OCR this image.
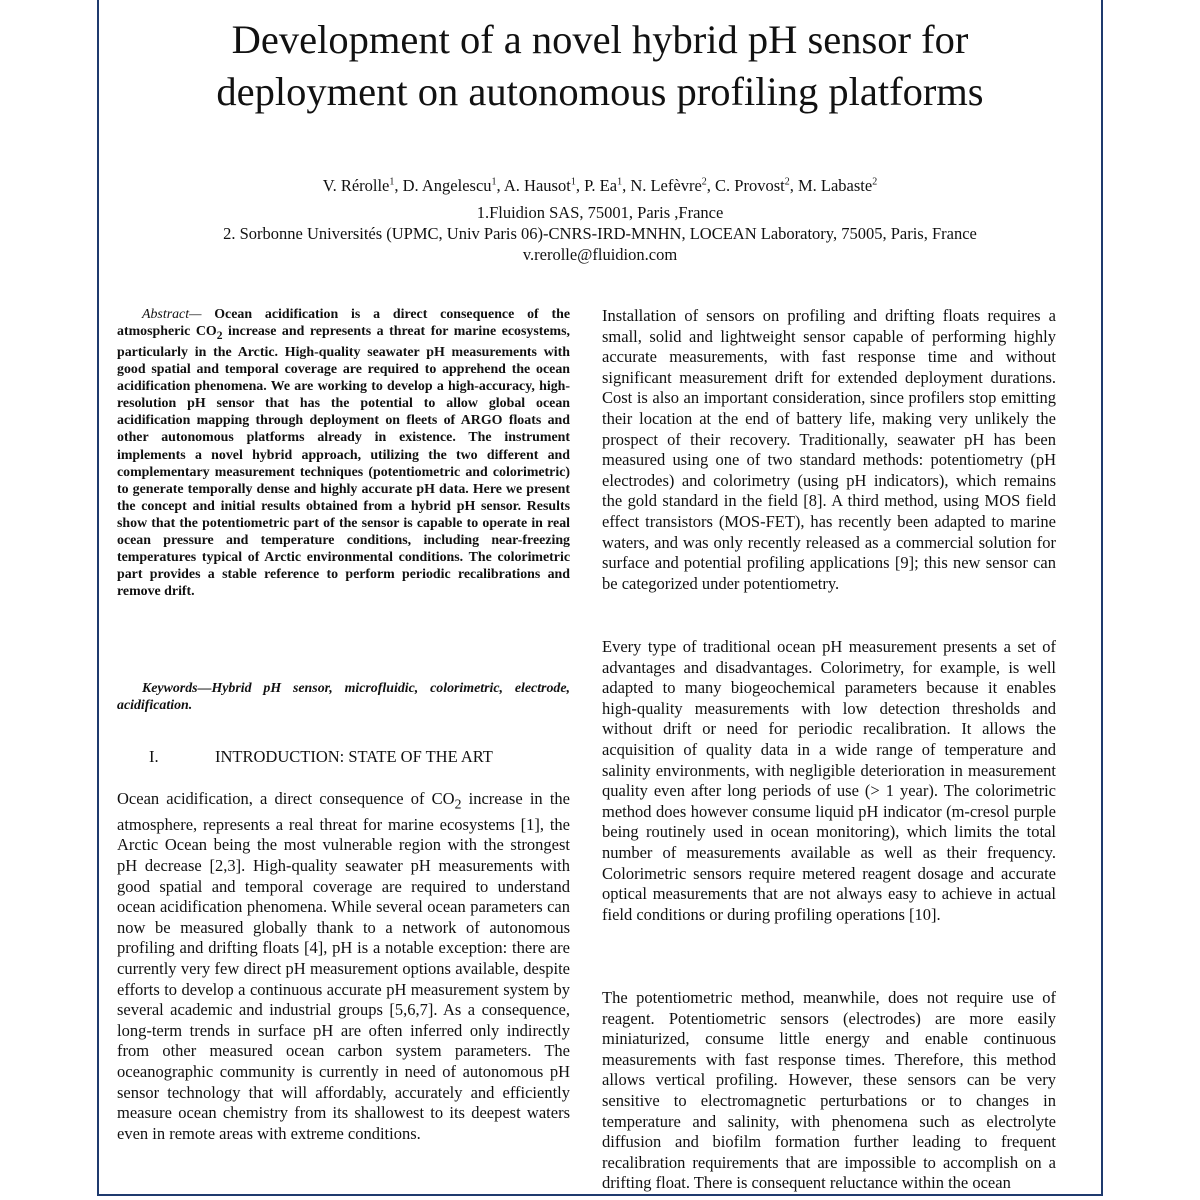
Development of a novel hybrid pH sensor for
deployment on autonomous profiling platforms
V. Rérolle$^1$, D. Angelescu$^1$, A. Hausot$^1$, P. Ea$^1$, N. Lefèvre$^2$, C. Provost$^2$, M. Labaste$^2$
1.Fluidion SAS, 75001, Paris ,France
2. Sorbonne Universités (UPMC, Univ Paris 06)-CNRS-IRD-MNHN, LOCEAN Laboratory, 75005, Paris, France
v.rerolle@fluidion.com

Abstract— Ocean acidification is a direct consequence of the atmospheric $CO_2$ increase and represents a threat for marine ecosystems, particularly in the Arctic. High-quality seawater pH measurements with good spatial and temporal coverage are required to apprehend the ocean acidification phenomena. We are working to develop a high-accuracy, high-resolution pH sensor that has the potential to allow global ocean acidification mapping through deployment on fleets of ARGO floats and other autonomous platforms already in existence. The instrument implements a novel hybrid approach, utilizing the two different and complementary measurement techniques (potentiometric and colorimetric) to generate temporally dense and highly accurate pH data. Here we present the concept and initial results obtained from a hybrid pH sensor. Results show that the potentiometric part of the sensor is capable to operate in real ocean pressure and temperature conditions, including near-freezing temperatures typical of Arctic environmental conditions. The colorimetric part provides a stable reference to perform periodic recalibrations and remove drift.

Keywords—Hybrid pH sensor, microfluidic, colorimetric, electrode, acidification.

I.	INTRODUCTION: STATE OF THE ART

Ocean acidification, a direct consequence of $CO_2$ increase in the atmosphere, represents a real threat for marine ecosystems [1], the Arctic Ocean being the most vulnerable region with the strongest pH decrease [2,3]. High-quality seawater pH measurements with good spatial and temporal coverage are required to understand ocean acidification phenomena. While several ocean parameters can now be measured globally thank to a network of autonomous profiling and drifting floats [4], pH is a notable exception: there are currently very few direct pH measurement options available, despite efforts to develop a continuous accurate pH measurement system by several academic and industrial groups [5,6,7]. As a consequence, long-term trends in surface pH are often inferred only indirectly from other measured ocean carbon system parameters. The oceanographic community is currently in need of autonomous pH sensor technology that will affordably, accurately and efficiently measure ocean chemistry from its shallowest to its deepest waters even in remote areas with extreme conditions.

Installation of sensors on profiling and drifting floats requires a small, solid and lightweight sensor capable of performing highly accurate measurements, with fast response time and without significant measurement drift for extended deployment durations. Cost is also an important consideration, since profilers stop emitting their location at the end of battery life, making very unlikely the prospect of their recovery. Traditionally, seawater pH has been measured using one of two standard methods: potentiometry (pH electrodes) and colorimetry (using pH indicators), which remains the gold standard in the field [8]. A third method, using MOS field effect transistors (MOS-FET), has recently been adapted to marine waters, and was only recently released as a commercial solution for surface and potential profiling applications [9]; this new sensor can be categorized under potentiometry.

Every type of traditional ocean pH measurement presents a set of advantages and disadvantages. Colorimetry, for example, is well adapted to many biogeochemical parameters because it enables high-quality measurements with low detection thresholds and without drift or need for periodic recalibration. It allows the acquisition of quality data in a wide range of temperature and salinity environments, with negligible deterioration in measurement quality even after long periods of use (> 1 year). The colorimetric method does however consume liquid pH indicator (m-cresol purple being routinely used in ocean monitoring), which limits the total number of measurements available as well as their frequency. Colorimetric sensors require metered reagent dosage and accurate optical measurements that are not always easy to achieve in actual field conditions or during profiling operations [10].

The potentiometric method, meanwhile, does not require use of reagent. Potentiometric sensors (electrodes) are more easily miniaturized, consume little energy and enable continuous measurements with fast response times. Therefore, this method allows vertical profiling. However, these sensors can be very sensitive to electromagnetic perturbations or to changes in temperature and salinity, with phenomena such as electrolyte diffusion and biofilm formation further leading to frequent recalibration requirements that are impossible to accomplish on a drifting float. There is consequent reluctance within the ocean
